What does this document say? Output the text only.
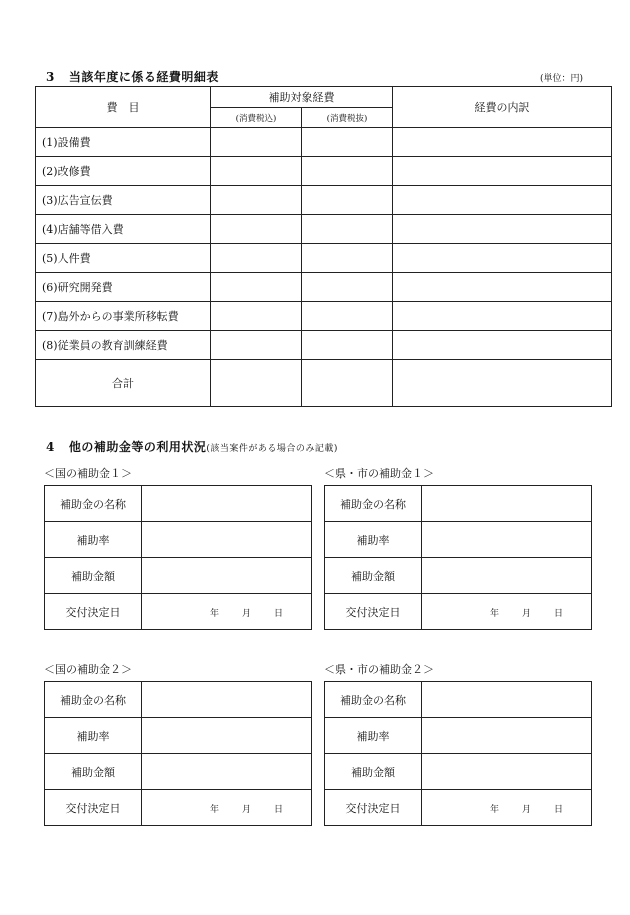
3 当該年度に係る経費明細表	(単位：円)
費　目	補助対象経費		経費の内訳
	(消費税込)	(消費税抜)	
(1)設備費			
(2)改修費			
(3)広告宣伝費			
(4)店舗等借入費			
(5)人件費			
(6)研究開発費			
(7)島外からの事業所移転費			
(8)従業員の教育訓練経費			
合計			
4 他の補助金等の利用状況(該当案件がある場合のみ記載)
＜国の補助金１＞
補助金の名称	
補助率	
補助金額	
交付決定日	年 月 日
＜県・市の補助金１＞
補助金の名称	
補助率	
補助金額	
交付決定日	年 月 日
＜国の補助金２＞
補助金の名称	
補助率	
補助金額	
交付決定日	年 月 日
＜県・市の補助金２＞
補助金の名称	
補助率	
補助金額	
交付決定日	年 月 日
